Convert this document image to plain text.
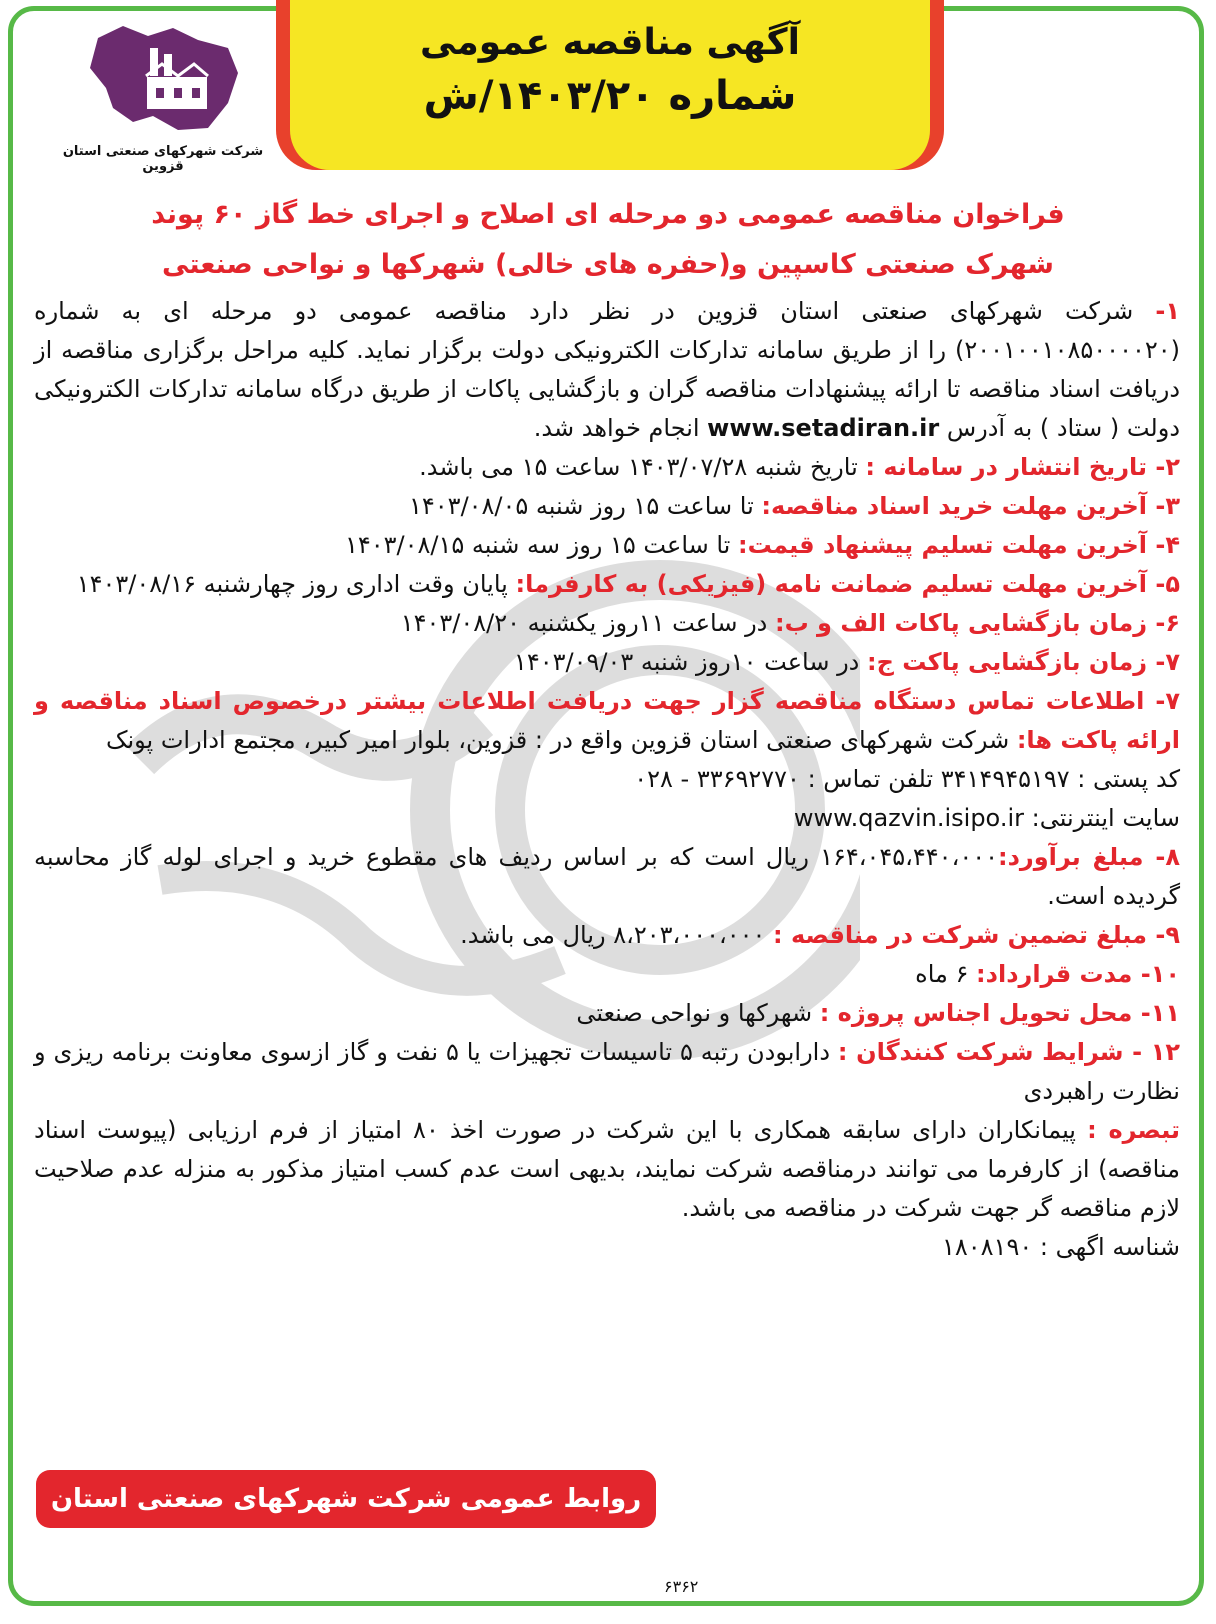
آگهی مناقصه عمومی
شماره ۱۴۰۳/۲۰/ش
شرکت شهرکهای صنعتی استان قزوین
فراخوان مناقصه عمومی دو مرحله ای اصلاح و اجرای خط گاز ۶۰ پوند
شهرک صنعتی کاسپین و(حفره های خالی) شهرکها و نواحی صنعتی

۱- شرکت شهرکهای صنعتی استان قزوین در نظر دارد مناقصه عمومی دو مرحله ای به شماره (۲۰۰۱۰۰۱۰۸۵۰۰۰۰۲۰) را از طریق سامانه تدارکات الکترونیکی دولت برگزار نماید. کلیه مراحل برگزاری مناقصه از دریافت اسناد مناقصه تا ارائه پیشنهادات مناقصه گران و بازگشایی پاکات از طریق درگاه سامانه تدارکات الکترونیکی دولت ( ستاد ) به آدرس www.setadiran.ir انجام خواهد شد.

۲- تاریخ انتشار در سامانه : تاریخ شنبه ۱۴۰۳/۰۷/۲۸ ساعت ۱۵ می باشد.

۳- آخرین مهلت خرید اسناد مناقصه: تا ساعت ۱۵ روز شنبه ۱۴۰۳/۰۸/۰۵

۴- آخرین مهلت تسلیم پیشنهاد قیمت: تا ساعت ۱۵ روز سه شنبه ۱۴۰۳/۰۸/۱۵

۵- آخرین مهلت تسلیم ضمانت نامه (فیزیکی) به کارفرما: پایان وقت اداری روز چهارشنبه ۱۴۰۳/۰۸/۱۶

۶- زمان بازگشایی پاکات الف و ب: در ساعت ۱۱روز یکشنبه ۱۴۰۳/۰۸/۲۰

۷- زمان بازگشایی پاکت ج: در ساعت ۱۰روز شنبه ۱۴۰۳/۰۹/۰۳

۷- اطلاعات تماس دستگاه مناقصه گزار جهت دریافت اطلاعات بیشتر درخصوص اسناد مناقصه و ارائه پاکت ها: شرکت شهرکهای صنعتی استان قزوین واقع در : قزوین، بلوار امیر کبیر، مجتمع ادارات پونک

کد پستی : ۳۴۱۴۹۴۵۱۹۷ تلفن تماس : ۳۳۶۹۲۷۷۰ - ۰۲۸

سایت اینترنتی: www.qazvin.isipo.ir

۸- مبلغ برآورد:۱۶۴،۰۴۵،۴۴۰،۰۰۰ ریال است که بر اساس ردیف های مقطوع خرید و اجرای لوله گاز محاسبه گردیده است.

۹- مبلغ تضمین شرکت در مناقصه : ۸،۲۰۳،۰۰۰،۰۰۰ ریال می باشد.

۱۰- مدت قرارداد: ۶ ماه

۱۱- محل تحویل اجناس پروژه : شهرکها و نواحی صنعتی

۱۲ - شرایط شرکت کنندگان : دارابودن رتبه ۵ تاسیسات تجهیزات یا ۵ نفت و گاز ازسوی معاونت برنامه ریزی و نظارت راهبردی

تبصره : پیمانکاران دارای سابقه همکاری با این شرکت در صورت اخذ ۸۰ امتیاز از فرم ارزیابی (پیوست اسناد مناقصه) از کارفرما می توانند درمناقصه شرکت نمایند، بدیهی است عدم کسب امتیاز مذکور به منزله عدم صلاحیت لازم مناقصه گر جهت شرکت در مناقصه می باشد.

شناسه اگهی : ۱۸۰۸۱۹۰

روابط عمومی شرکت شهرکهای صنعتی استان قزوین
۶۳۶۲
